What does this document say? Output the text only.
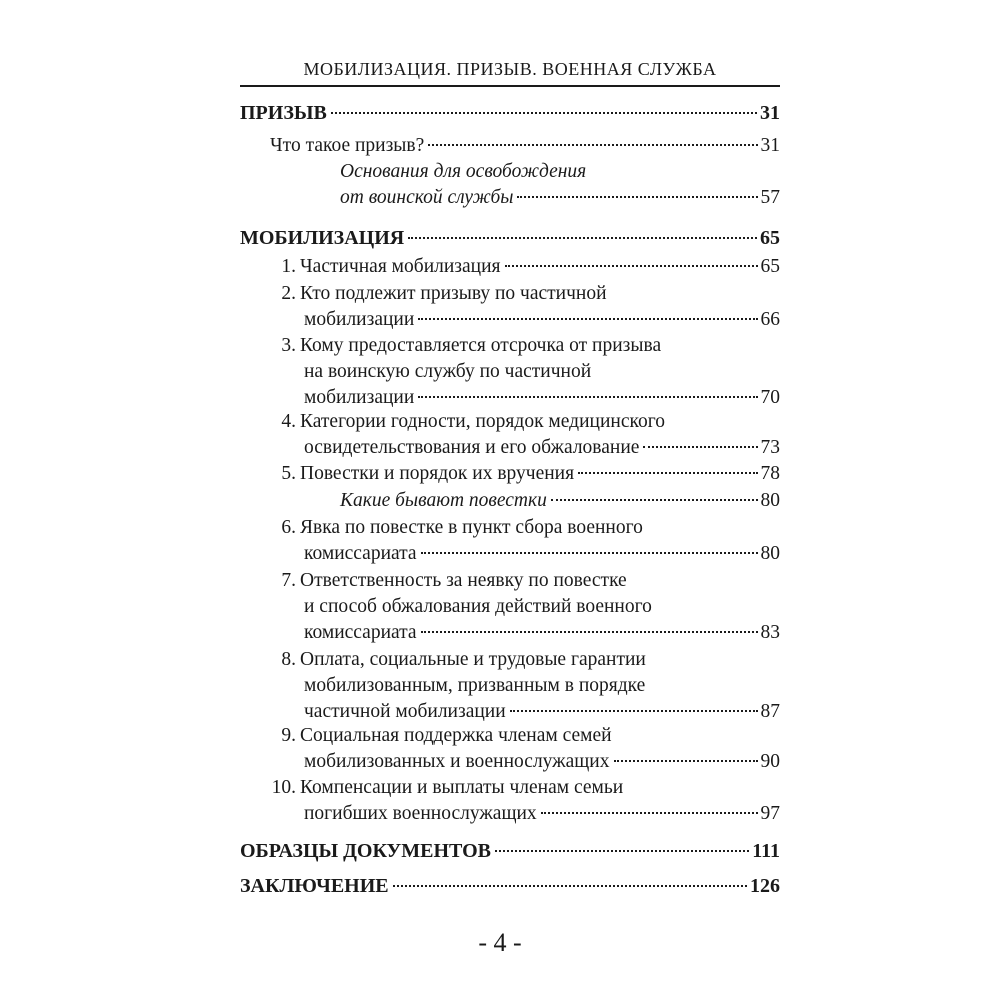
МОБИЛИЗАЦИЯ. ПРИЗЫВ. ВОЕННАЯ СЛУЖБА
ПРИЗЫВ	31
Что такое призыв?	31
Основания для освобождения
от воинской службы	57
МОБИЛИЗАЦИЯ	65
1. Частичная мобилизация	65
2. Кто подлежит призыву по частичной
мобилизации	66
3. Кому предоставляется отсрочка от призыва
на воинскую службу по частичной
мобилизации	70
4. Категории годности, порядок медицинского
освидетельствования и его обжалование	73
5. Повестки и порядок их вручения	78
Какие бывают повестки	80
6. Явка по повестке в пункт сбора военного
комиссариата	80
7. Ответственность за неявку по повестке
и способ обжалования действий военного
комиссариата	83
8. Оплата, социальные и трудовые гарантии
мобилизованным, призванным в порядке
частичной мобилизации	87
9. Социальная поддержка членам семей
мобилизованных и военнослужащих	90
10. Компенсации и выплаты членам семьи
погибших военнослужащих	97
ОБРАЗЦЫ ДОКУМЕНТОВ	111
ЗАКЛЮЧЕНИЕ	126
- 4 -
